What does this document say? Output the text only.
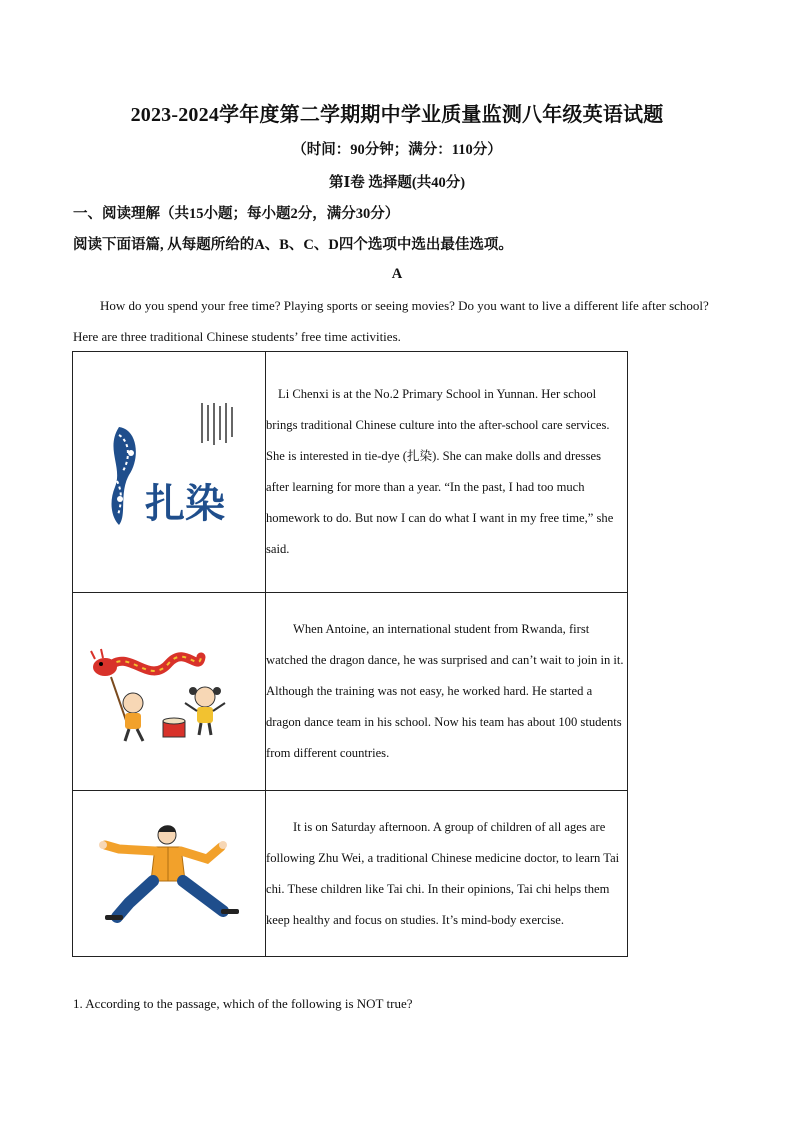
2023-2024学年度第二学期期中学业质量监测八年级英语试题
（时间：90分钟；满分：110分）
第Ⅰ卷 选择题(共40分)
一、阅读理解（共15小题；每小题2分，满分30分）
阅读下面语篇, 从每题所给的A、B、C、D四个选项中选出最佳选项。
A
How do you spend your free time? Playing sports or seeing movies? Do you want to live a different life after school? Here are three traditional Chinese students’ free time activities.
扎染	Li Chenxi is at the No.2 Primary School in Yunnan. Her school brings traditional Chinese culture into the after-school care services. She is interested in tie-dye (扎染). She can make dolls and dresses after learning for more than a year. “In the past, I had too much homework to do. But now I can do what I want in my free time,” she said.

When Antoine, an international student from Rwanda, first watched the dragon dance, he was surprised and can’t wait to join in it. Although the training was not easy, he worked hard. He started a dragon dance team in his school. Now his team has about 100 students from different countries.

It is on Saturday afternoon. A group of children of all ages are following Zhu Wei, a traditional Chinese medicine doctor, to learn Tai chi. These children like Tai chi. In their opinions, Tai chi helps them keep healthy and focus on studies. It’s mind-body exercise.
1. According to the passage, which of the following is NOT true?
